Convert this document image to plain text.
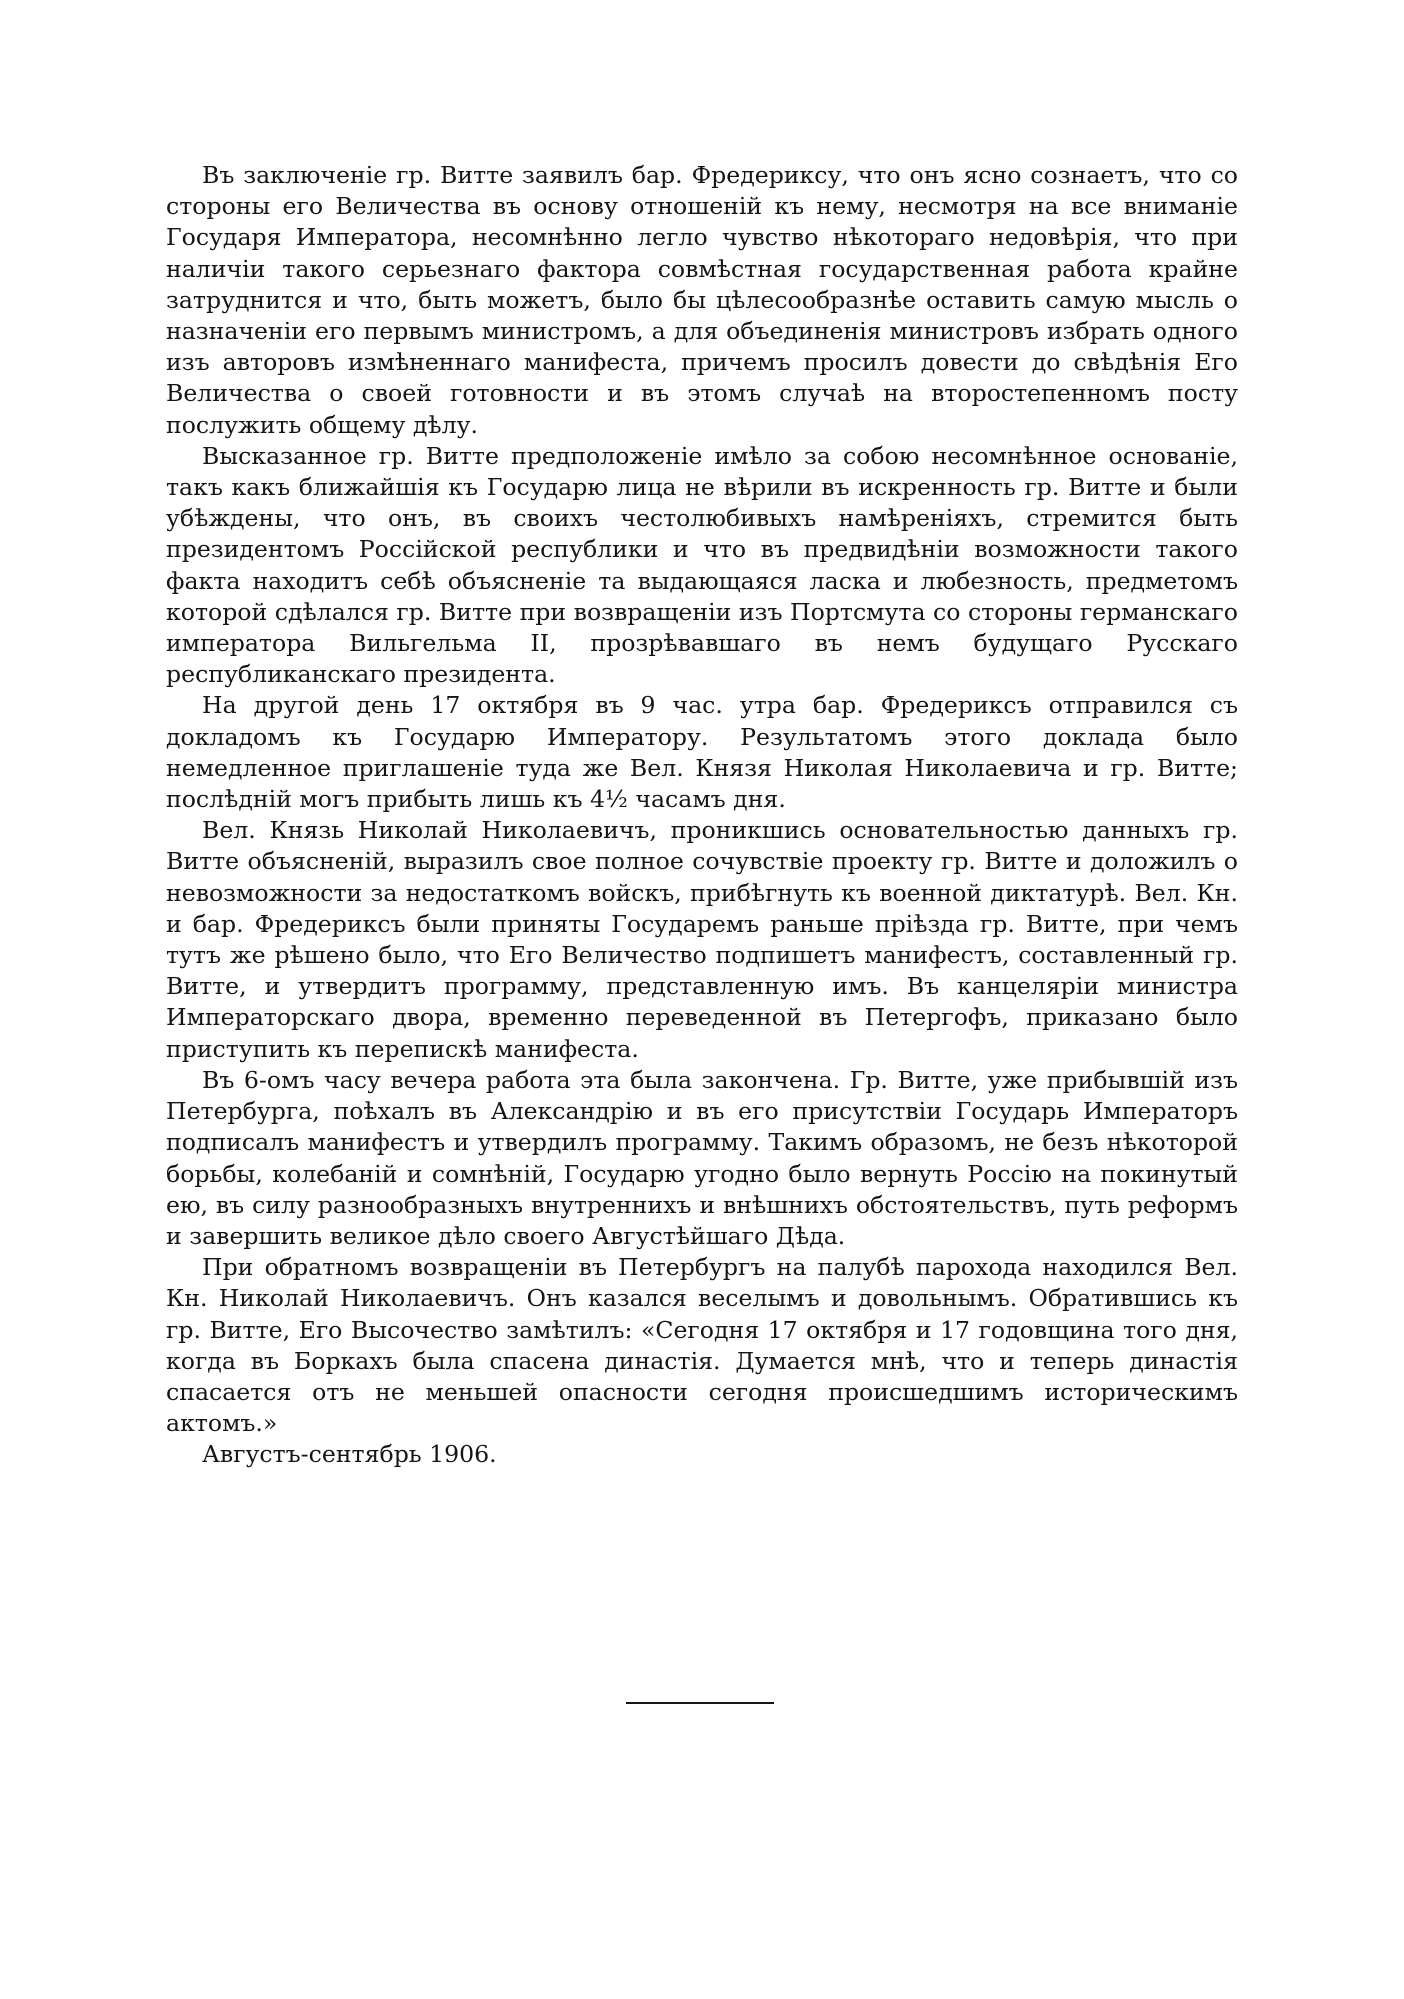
Въ заключеніе гр. Витте заявилъ бар. Фредериксу, что онъ ясно сознаетъ, что со стороны его Величества въ основу отношеній къ нему, несмотря на все вниманіе Государя Императора, несомнѣнно легло чувство нѣкотораго недовѣрія, что при наличіи такого серьезнаго фактора совмѣстная государственная работа крайне затруднится и что, быть можетъ, было бы цѣлесообразнѣе оставить самую мысль о назначеніи его первымъ министромъ, а для объединенія министровъ избрать одного изъ авторовъ измѣненнаго манифеста, причемъ просилъ довести до свѣдѣнія Его Величества о своей готовности и въ этомъ случаѣ на второстепенномъ посту послужить общему дѣлу.

Высказанное гр. Витте предположеніе имѣло за собою несомнѣнное основаніе, такъ какъ ближайшія къ Государю лица не вѣрили въ искренность гр. Витте и были убѣждены, что онъ, въ своихъ честолюбивыхъ намѣреніяхъ, стремится быть президентомъ Россійской республики и что въ предвидѣніи возможности такого факта находитъ себѣ объясненіе та выдающаяся ласка и любезность, предметомъ которой сдѣлался гр. Витте при возвращеніи изъ Портсмута со стороны германскаго императора Вильгельма II, прозрѣвавшаго въ немъ будущаго Русскаго республиканскаго президента.

На другой день 17 октября въ 9 час. утра бар. Фредериксъ отправился съ докладомъ къ Государю Императору. Результатомъ этого доклада было немедленное приглашеніе туда же Вел. Князя Николая Николаевича и гр. Витте; послѣдній могъ прибыть лишь къ 4½ часамъ дня.

Вел. Князь Николай Николаевичъ, проникшись основательностью данныхъ гр. Витте объясненій, выразилъ свое полное сочувствіе проекту гр. Витте и доложилъ о невозможности за недостаткомъ войскъ, прибѣгнуть къ военной диктатурѣ. Вел. Кн. и бар. Фредериксъ были приняты Государемъ раньше пріѣзда гр. Витте, при чемъ тутъ же рѣшено было, что Его Величество подпишетъ манифестъ, составленный гр. Витте, и утвердитъ программу, представленную имъ. Въ канцеляріи министра Императорскаго двора, временно переведенной въ Петергофъ, приказано было приступить къ перепискѣ манифеста.

Въ 6-омъ часу вечера работа эта была закончена. Гр. Витте, уже прибывшій изъ Петербурга, поѣхалъ въ Александрію и въ его присутствіи Государь Императоръ подписалъ манифестъ и утвердилъ программу. Такимъ образомъ, не безъ нѣкоторой борьбы, колебаній и сомнѣній, Государю угодно было вернуть Россію на покинутый ею, въ силу разнообразныхъ внутреннихъ и внѣшнихъ обстоятельствъ, путь реформъ и завершить великое дѣло своего Августѣйшаго Дѣда.

При обратномъ возвращеніи въ Петербургъ на палубѣ парохода находился Вел. Кн. Николай Николаевичъ. Онъ казался веселымъ и довольнымъ. Обратившись къ гр. Витте, Его Высочество замѣтилъ: «Сегодня 17 октября и 17 годовщина того дня, когда въ Боркахъ была спасена династія. Думается мнѣ, что и теперь династія спасается отъ не меньшей опасности сегодня происшедшимъ историческимъ актомъ.»

Августъ-сентябрь 1906.
